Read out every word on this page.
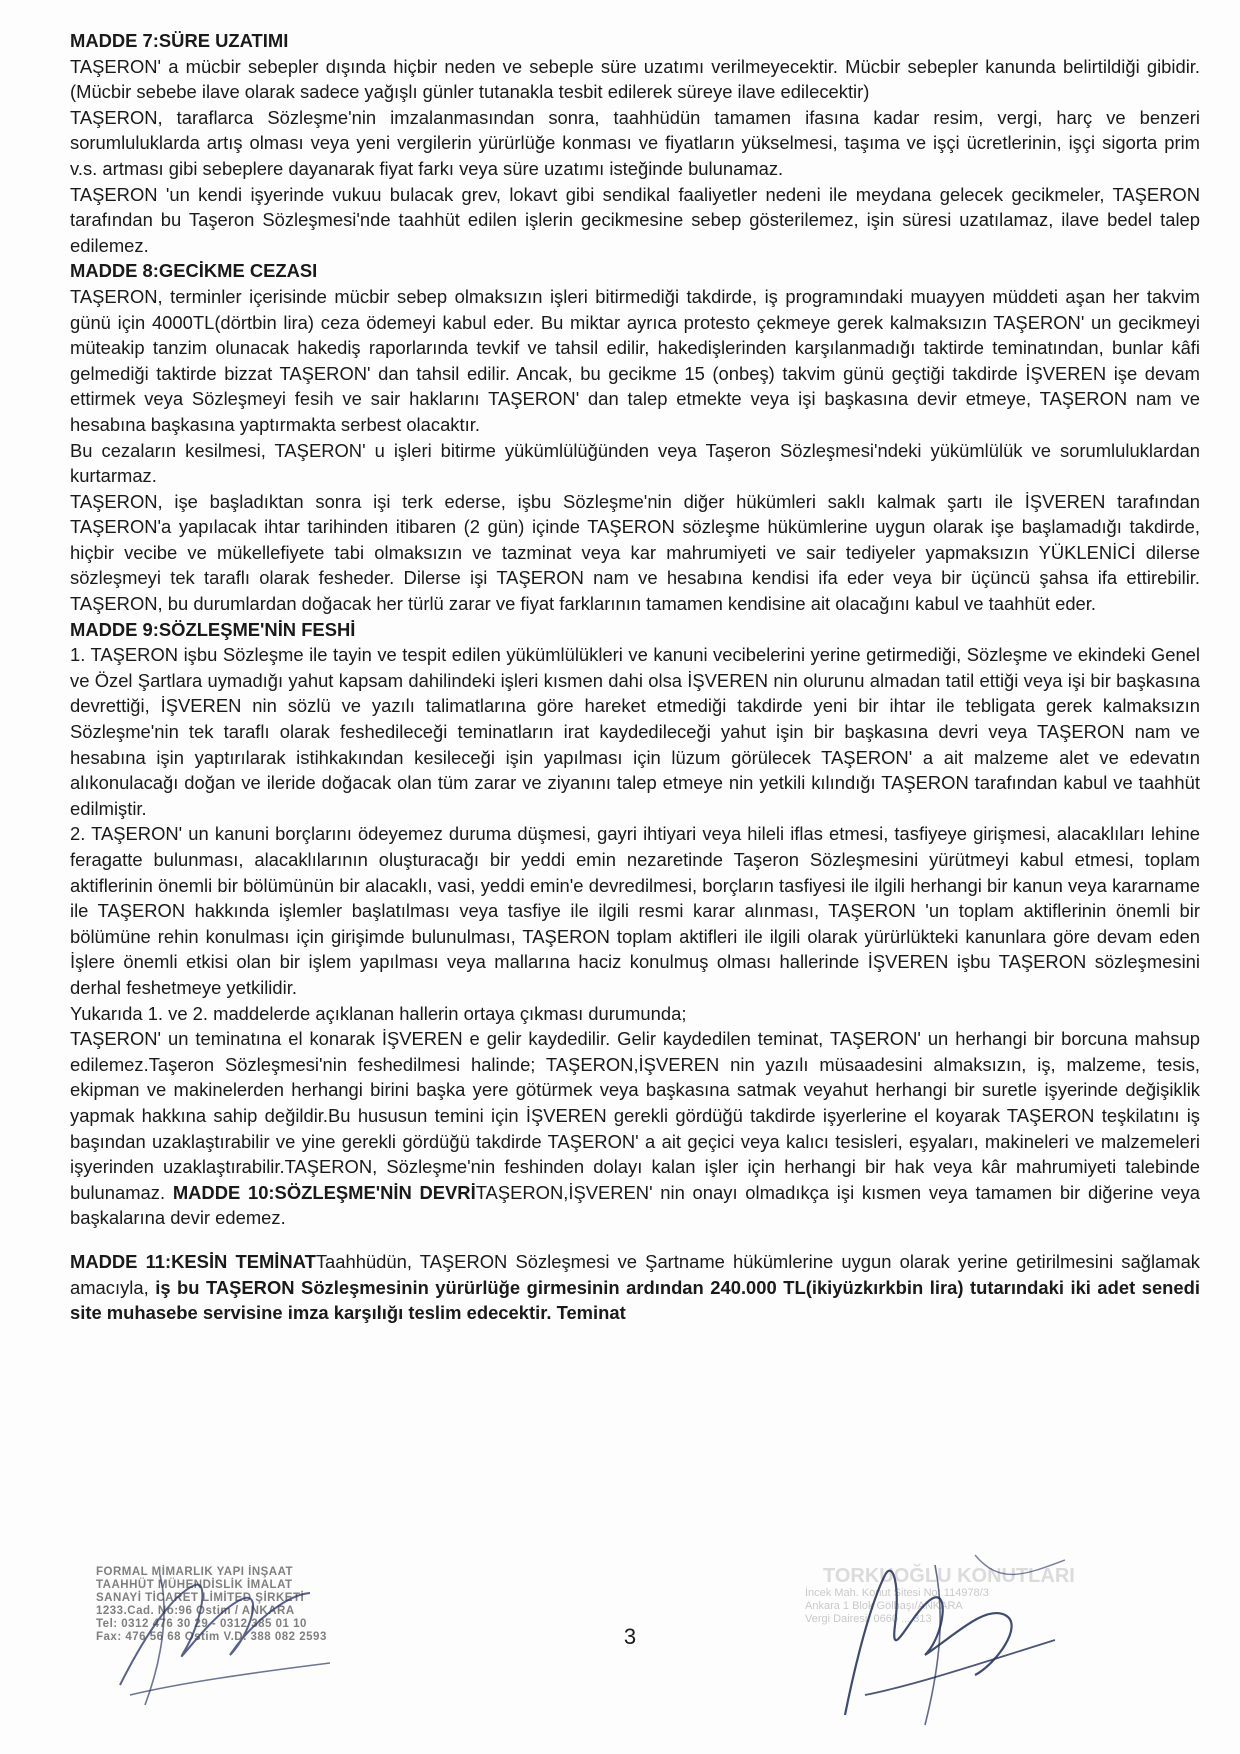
MADDE 7:SÜRE UZATIMI

TAŞERON' a mücbir sebepler dışında hiçbir neden ve sebeple süre uzatımı verilmeyecektir. Mücbir sebepler kanunda belirtildiği gibidir.(Mücbir sebebe ilave olarak sadece yağışlı günler tutanakla tesbit edilerek süreye ilave edilecektir)

TAŞERON, taraflarca Sözleşme'nin imzalanmasından sonra, taahhüdün tamamen ifasına kadar resim, vergi, harç ve benzeri sorumluluklarda artış olması veya yeni vergilerin yürürlüğe konması ve fiyatların yükselmesi, taşıma ve işçi ücretlerinin, işçi sigorta prim v.s. artması gibi sebeplere dayanarak fiyat farkı veya süre uzatımı isteğinde bulunamaz.

TAŞERON 'un kendi işyerinde vukuu bulacak grev, lokavt gibi sendikal faaliyetler nedeni ile meydana gelecek gecikmeler, TAŞERON tarafından bu Taşeron Sözleşmesi'nde taahhüt edilen işlerin gecikmesine sebep gösterilemez, işin süresi uzatılamaz, ilave bedel talep edilemez.

MADDE 8:GECİKME CEZASI

TAŞERON, terminler içerisinde mücbir sebep olmaksızın işleri bitirmediği takdirde, iş programındaki muayyen müddeti aşan her takvim günü için 4000TL(dörtbin lira) ceza ödemeyi kabul eder. Bu miktar ayrıca protesto çekmeye gerek kalmaksızın TAŞERON' un gecikmeyi müteakip tanzim olunacak hakediş raporlarında tevkif ve tahsil edilir, hakedişlerinden karşılanmadığı taktirde teminatından, bunlar kâfi gelmediği taktirde bizzat TAŞERON' dan tahsil edilir. Ancak, bu gecikme 15 (onbeş) takvim günü geçtiği takdirde İŞVEREN işe devam ettirmek veya Sözleşmeyi fesih ve sair haklarını TAŞERON' dan talep etmekte veya işi başkasına devir etmeye, TAŞERON nam ve hesabına başkasına yaptırmakta serbest olacaktır.

Bu cezaların kesilmesi, TAŞERON' u işleri bitirme yükümlülüğünden veya Taşeron Sözleşmesi'ndeki yükümlülük ve sorumluluklardan kurtarmaz.

TAŞERON, işe başladıktan sonra işi terk ederse, işbu Sözleşme'nin diğer hükümleri saklı kalmak şartı ile İŞVEREN tarafından TAŞERON'a yapılacak ihtar tarihinden itibaren (2 gün) içinde TAŞERON sözleşme hükümlerine uygun olarak işe başlamadığı takdirde, hiçbir vecibe ve mükellefiyete tabi olmaksızın ve tazminat veya kar mahrumiyeti ve sair tediyeler yapmaksızın YÜKLENİCİ dilerse sözleşmeyi tek taraflı olarak fesheder. Dilerse işi TAŞERON nam ve hesabına kendisi ifa eder veya bir üçüncü şahsa ifa ettirebilir. TAŞERON, bu durumlardan doğacak her türlü zarar ve fiyat farklarının tamamen kendisine ait olacağını kabul ve taahhüt eder.

MADDE 9:SÖZLEŞME'NİN FESHİ

1. TAŞERON işbu Sözleşme ile tayin ve tespit edilen yükümlülükleri ve kanuni vecibelerini yerine getirmediği, Sözleşme ve ekindeki Genel ve Özel Şartlara uymadığı yahut kapsam dahilindeki işleri kısmen dahi olsa İŞVEREN nin olurunu almadan tatil ettiği veya işi bir başkasına devrettiği, İŞVEREN nin sözlü ve yazılı talimatlarına göre hareket etmediği takdirde yeni bir ihtar ile tebligata gerek kalmaksızın Sözleşme'nin tek taraflı olarak feshedileceği teminatların irat kaydedileceği yahut işin bir başkasına devri veya TAŞERON nam ve hesabına işin yaptırılarak istihkakından kesileceği işin yapılması için lüzum görülecek TAŞERON' a ait malzeme alet ve edevatın alıkonulacağı doğan ve ileride doğacak olan tüm zarar ve ziyanını talep etmeye nin yetkili kılındığı TAŞERON tarafından kabul ve taahhüt edilmiştir.

2. TAŞERON' un kanuni borçlarını ödeyemez duruma düşmesi, gayri ihtiyari veya hileli iflas etmesi, tasfiyeye girişmesi, alacaklıları lehine feragatte bulunması, alacaklılarının oluşturacağı bir yeddi emin nezaretinde Taşeron Sözleşmesini yürütmeyi kabul etmesi, toplam aktiflerinin önemli bir bölümünün bir alacaklı, vasi, yeddi emin'e devredilmesi, borçların tasfiyesi ile ilgili herhangi bir kanun veya kararname ile TAŞERON hakkında işlemler başlatılması veya tasfiye ile ilgili resmi karar alınması, TAŞERON 'un toplam aktiflerinin önemli bir bölümüne rehin konulması için girişimde bulunulması, TAŞERON toplam aktifleri ile ilgili olarak yürürlükteki kanunlara göre devam eden İşlere önemli etkisi olan bir işlem yapılması veya mallarına haciz konulmuş olması hallerinde İŞVEREN işbu TAŞERON sözleşmesini derhal feshetmeye yetkilidir.

Yukarıda 1. ve 2. maddelerde açıklanan hallerin ortaya çıkması durumunda;

TAŞERON' un teminatına el konarak İŞVEREN e gelir kaydedilir. Gelir kaydedilen teminat, TAŞERON' un herhangi bir borcuna mahsup edilemez.Taşeron Sözleşmesi'nin feshedilmesi halinde; TAŞERON,İŞVEREN nin yazılı müsaadesini almaksızın, iş, malzeme, tesis, ekipman ve makinelerden herhangi birini başka yere götürmek veya başkasına satmak veyahut herhangi bir suretle işyerinde değişiklik yapmak hakkına sahip değildir.Bu hususun temini için İŞVEREN gerekli gördüğü takdirde işyerlerine el koyarak TAŞERON teşkilatını iş başından uzaklaştırabilir ve yine gerekli gördüğü takdirde TAŞERON' a ait geçici veya kalıcı tesisleri, eşyaları, makineleri ve malzemeleri işyerinden uzaklaştırabilir.TAŞERON, Sözleşme'nin feshinden dolayı kalan işler için herhangi bir hak veya kâr mahrumiyeti talebinde bulunamaz. MADDE 10:SÖZLEŞME'NİN DEVRİTAŞERON,İŞVEREN' nin onayı olmadıkça işi kısmen veya tamamen bir diğerine veya başkalarına devir edemez.

MADDE 11:KESİN TEMİNATTaahhüdün, TAŞERON Sözleşmesi ve Şartname hükümlerine uygun olarak yerine getirilmesini sağlamak amacıyla, iş bu TAŞERON Sözleşmesinin yürürlüğe girmesinin ardından 240.000 TL(ikiyüzkırkbin lira) tutarındaki iki adet senedi site muhasebe servisine imza karşılığı teslim edecektir. Teminat

FORMAL MİMARLIK YAPI İNŞAAT
TAAHHÜT MÜHENDİSLİK İMALAT
SANAYİ TİCARET LİMİTED ŞİRKETİ
1233.Cad. No:96 Ostim / ANKARA
Tel: 0312 476 30 29 - 0312 385 01 10
Fax: 476 56 68 Ostim V.D. 388 082 2593
TORKUOĞLU KONUTLARI
İncek Mah. Konut Sitesi No: 114978/3
Ankara 1 Blok Gölbaşı/ANKARA
Vergi Dairesi: 0660 ... 313
3
